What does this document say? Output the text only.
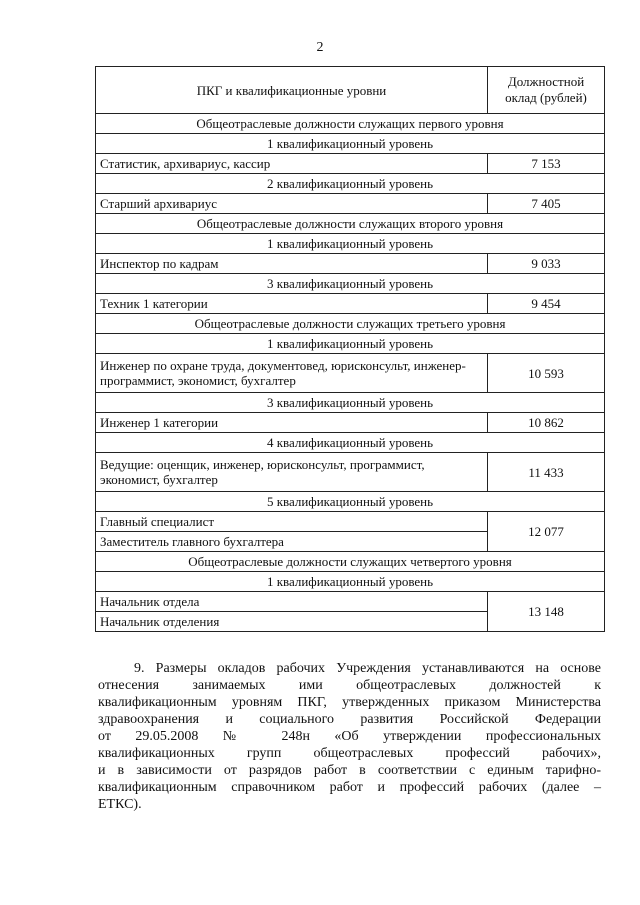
2
ПКГ и квалификационные уровни	Должностной
оклад (рублей)
Общеотраслевые должности служащих первого уровня	
1 квалификационный уровень	
Статистик, архивариус, кассир	7 153
2 квалификационный уровень	
Старший архивариус	7 405
Общеотраслевые должности служащих второго уровня	
1 квалификационный уровень	
Инспектор по кадрам	9 033
3 квалификационный уровень	
Техник 1 категории	9 454
Общеотраслевые должности служащих третьего уровня	
1 квалификационный уровень	
Инженер по охране труда, документовед, юрисконсульт, инженер-программист, экономист, бухгалтер	10 593
3 квалификационный уровень	
Инженер 1 категории	10 862
4 квалификационный уровень	
Ведущие: оценщик, инженер, юрисконсульт, программист, экономист, бухгалтер	11 433
5 квалификационный уровень	
Главный специалист	12 077
Заместитель главного бухгалтера	
Общеотраслевые должности служащих четвертого уровня	
1 квалификационный уровень	
Начальник отдела	13 148
Начальник отделения	
9. Размеры окладов рабочих Учреждения устанавливаются на основе
отнесения занимаемых ими общеотраслевых должностей к
квалификационным уровням ПКГ, утвержденных приказом Министерства
здравоохранения и социального развития Российской Федерации
от 29.05.2008 № 248н «Об утверждении профессиональных
квалификационных групп общеотраслевых профессий рабочих»,
и в зависимости от разрядов работ в соответствии с единым тарифно-
квалификационным справочником работ и профессий рабочих (далее –
ЕТКС).
